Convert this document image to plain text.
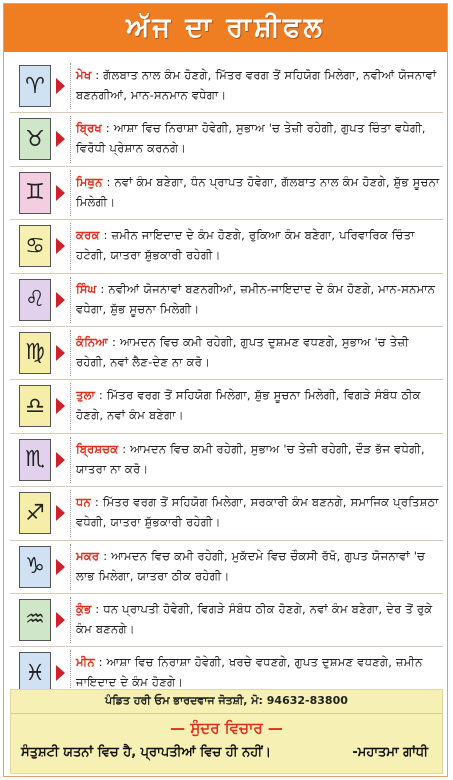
ਅੱਜ ਦਾ ਰਾਸ਼ੀਫਲ
♈	ਮੇਖ : ਗੱਲਬਾਤ ਨਾਲ ਕੰਮ ਹੋਣਗੇ, ਮਿੱਤਰ ਵਰਗ ਤੋਂ ਸਹਿਯੋਗ ਮਿਲੇਗਾ, ਨਵੀਆਂ ਯੋਜਨਾਵਾਂ ਬਣਨਗੀਆਂ, ਮਾਨ-ਸਨਮਾਨ ਵਧੇਗਾ।
♉	ਬ੍ਰਿਖ : ਆਸ਼ਾ ਵਿਚ ਨਿਰਾਸ਼ਾ ਹੋਵੇਗੀ, ਸੁਭਾਅ 'ਚ ਤੇਜ਼ੀ ਰਹੇਗੀ, ਗੁਪਤ ਚਿੰਤਾ ਵਧੇਗੀ, ਵਿਰੋਧੀ ਪ੍ਰੇਸ਼ਾਨ ਕਰਨਗੇ।
♊	ਮਿਥੁਨ : ਨਵਾਂ ਕੰਮ ਬਣੇਗਾ, ਧੰਨ ਪ੍ਰਾਪਤ ਹੋਵੇਗਾ, ਗੱਲਬਾਤ ਨਾਲ ਕੰਮ ਹੋਣਗੇ, ਸ਼ੁੱਭ ਸੂਚਨਾ ਮਿਲੇਗੀ।
♋	ਕਰਕ : ਜ਼ਮੀਨ ਜਾਇਦਾਦ ਦੇ ਕੰਮ ਹੋਣਗੇ, ਰੁਕਿਆ ਕੰਮ ਬਣੇਗਾ, ਪਰਿਵਾਰਿਕ ਚਿੰਤਾ ਹਟੇਗੀ, ਯਾਤਰਾ ਸ਼ੁੱਭਕਾਰੀ ਰਹੇਗੀ।
♌	ਸਿੰਘ : ਨਵੀਆਂ ਯੋਜਨਾਵਾਂ ਬਣਨਗੀਆਂ, ਜ਼ਮੀਨ-ਜਾਇਦਾਦ ਦੇ ਕੰਮ ਹੋਣਗੇ, ਮਾਨ-ਸਨਮਾਨ ਵਧੇਗਾ, ਸ਼ੁੱਭ ਸੂਚਨਾ ਮਿਲੇਗੀ।
♍	ਕੰਨਿਆ : ਆਮਦਨ ਵਿਚ ਕਮੀ ਰਹੇਗੀ, ਗੁਪਤ ਦੁਸ਼ਮਣ ਵਧਣਗੇ, ਸੁਭਾਅ 'ਚ ਤੇਜ਼ੀ ਰਹੇਗੀ, ਨਵਾਂ ਲੈਣ-ਦੇਣ ਨਾ ਕਰੋ।
♎	ਤੁਲਾ : ਮਿੱਤਰ ਵਰਗ ਤੋਂ ਸਹਿਯੋਗ ਮਿਲੇਗਾ, ਸ਼ੁੱਭ ਸੂਚਨਾ ਮਿਲੇਗੀ, ਵਿਗੜੇ ਸੰਬੰਧ ਠੀਕ ਹੋਣਗੇ, ਨਵਾਂ ਕੰਮ ਬਣੇਗਾ।
♏	ਬ੍ਰਿਸ਼ਚਕ : ਆਮਦਨ ਵਿਚ ਕਮੀ ਰਹੇਗੀ, ਸੁਭਾਅ 'ਚ ਤੇਜ਼ੀ ਰਹੇਗੀ, ਦੌੜ ਭੱਜ ਵਧੇਗੀ, ਯਾਤਰਾ ਨਾ ਕਰੋ।
♐	ਧਨ : ਮਿੱਤਰ ਵਰਗ ਤੋਂ ਸਹਿਯੋਗ ਮਿਲੇਗਾ, ਸਰਕਾਰੀ ਕੰਮ ਬਣਨਗੇ, ਸਮਾਜਿਕ ਪ੍ਰਤਿਸ਼ਠਾ ਵਧੇਗੀ, ਯਾਤਰਾ ਸ਼ੁੱਭਕਾਰੀ ਰਹੇਗੀ।
♑	ਮਕਰ : ਆਮਦਨ ਵਿਚ ਕਮੀ ਰਹੇਗੀ, ਮੁਕੱਦਮੇ ਵਿਚ ਚੌਕਸੀ ਰੱਖੋ, ਗੁਪਤ ਯੋਜਨਾਵਾਂ 'ਚ ਲਾਭ ਮਿਲੇਗਾ, ਯਾਤਰਾ ਠੀਕ ਰਹੇਗੀ।
♒	ਕੁੰਭ : ਧਨ ਪ੍ਰਾਪਤੀ ਹੋਵੇਗੀ, ਵਿਗੜੇ ਸੰਬੰਧ ਠੀਕ ਹੋਣਗੇ, ਨਵਾਂ ਕੰਮ ਬਣੇਗਾ, ਦੇਰ ਤੋਂ ਰੁਕੇ ਕੰਮ ਬਣਨਗੇ।
♓	ਮੀਨ : ਆਸ਼ਾ ਵਿਚ ਨਿਰਾਸ਼ਾ ਹੋਵੇਗੀ, ਖਰਚੇ ਵਧਣਗੇ, ਗੁਪਤ ਦੁਸ਼ਮਣ ਵਧਣਗੇ, ਜ਼ਮੀਨ ਜਾਇਦਾਦ ਦੇ ਕੰਮ ਹੋਣਗੇ।
ਪੰਡਿਤ ਹਰੀ ਓਮ ਭਾਰਦਵਾਜ ਜੋਤਸ਼ੀ, ਮੋ: 94632-83800
— ਸੁੰਦਰ ਵਿਚਾਰ —
ਸੰਤੁਸ਼ਟੀ ਯਤਨਾਂ ਵਿਚ ਹੈ, ਪ੍ਰਾਪਤੀਆਂ ਵਿਚ ਹੀ ਨਹੀਂ।	-ਮਹਾਤਮਾ ਗਾਂਧੀ
